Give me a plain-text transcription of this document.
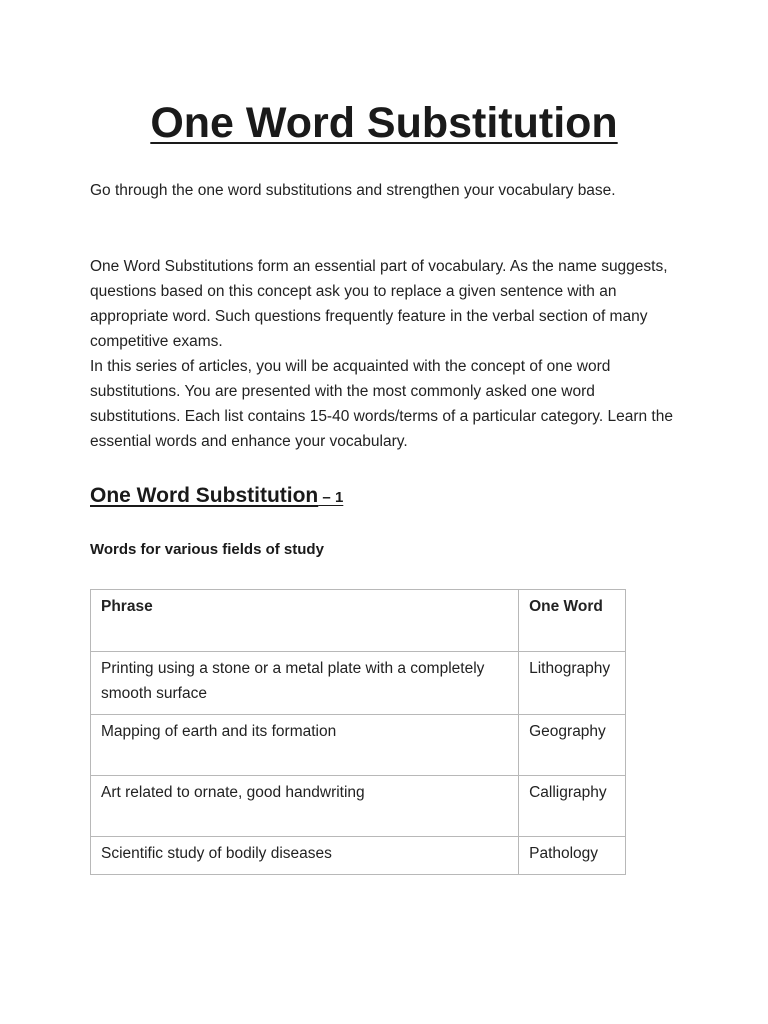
One Word Substitution

Go through the one word substitutions and strengthen your vocabulary base.

One Word Substitutions form an essential part of vocabulary. As the name suggests, questions based on this concept ask you to replace a given sentence with an appropriate word. Such questions frequently feature in the verbal section of many competitive exams.

In this series of articles, you will be acquainted with the concept of one word substitutions. You are presented with the most commonly asked one word substitutions. Each list contains 15-40 words/terms of a particular category. Learn the essential words and enhance your vocabulary.

One Word Substitution – 1
Words for various fields of study
Phrase	One Word
Printing using a stone or a metal plate with a completely smooth surface	Lithography
Mapping of earth and its formation	Geography
Art related to ornate, good handwriting	Calligraphy
Scientific study of bodily diseases	Pathology
